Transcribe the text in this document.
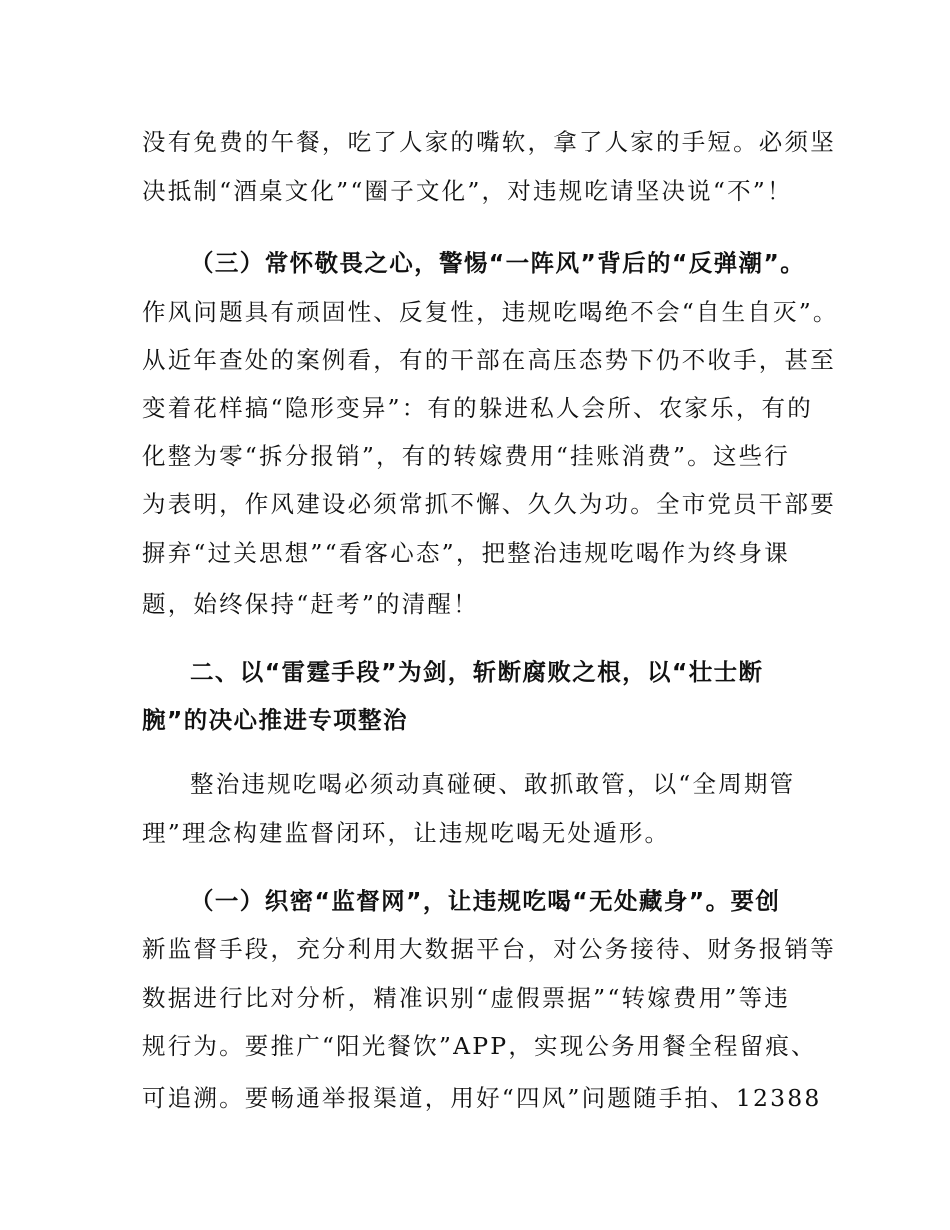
没有免费的午餐，吃了人家的嘴软，拿了人家的手短。必须坚
决抵制“酒桌文化”“圈子文化”，对违规吃请坚决说“不”！
（三）常怀敬畏之心，警惕“一阵风”背后的“反弹潮”。
作风问题具有顽固性、反复性，违规吃喝绝不会“自生自灭”。
从近年查处的案例看，有的干部在高压态势下仍不收手，甚至
变着花样搞“隐形变异”：有的躲进私人会所、农家乐，有的
化整为零“拆分报销”，有的转嫁费用“挂账消费”。这些行
为表明，作风建设必须常抓不懈、久久为功。全市党员干部要
摒弃“过关思想”“看客心态”，把整治违规吃喝作为终身课
题，始终保持“赶考”的清醒！
二、以“雷霆手段”为剑，斩断腐败之根，以“壮士断
腕”的决心推进专项整治
整治违规吃喝必须动真碰硬、敢抓敢管，以“全周期管
理”理念构建监督闭环，让违规吃喝无处遁形。
（一）织密“监督网”，让违规吃喝“无处藏身”。要创
新监督手段，充分利用大数据平台，对公务接待、财务报销等
数据进行比对分析，精准识别“虚假票据”“转嫁费用”等违
规行为。要推广“阳光餐饮”APP，实现公务用餐全程留痕、
可追溯。要畅通举报渠道，用好“四风”问题随手拍、12388
